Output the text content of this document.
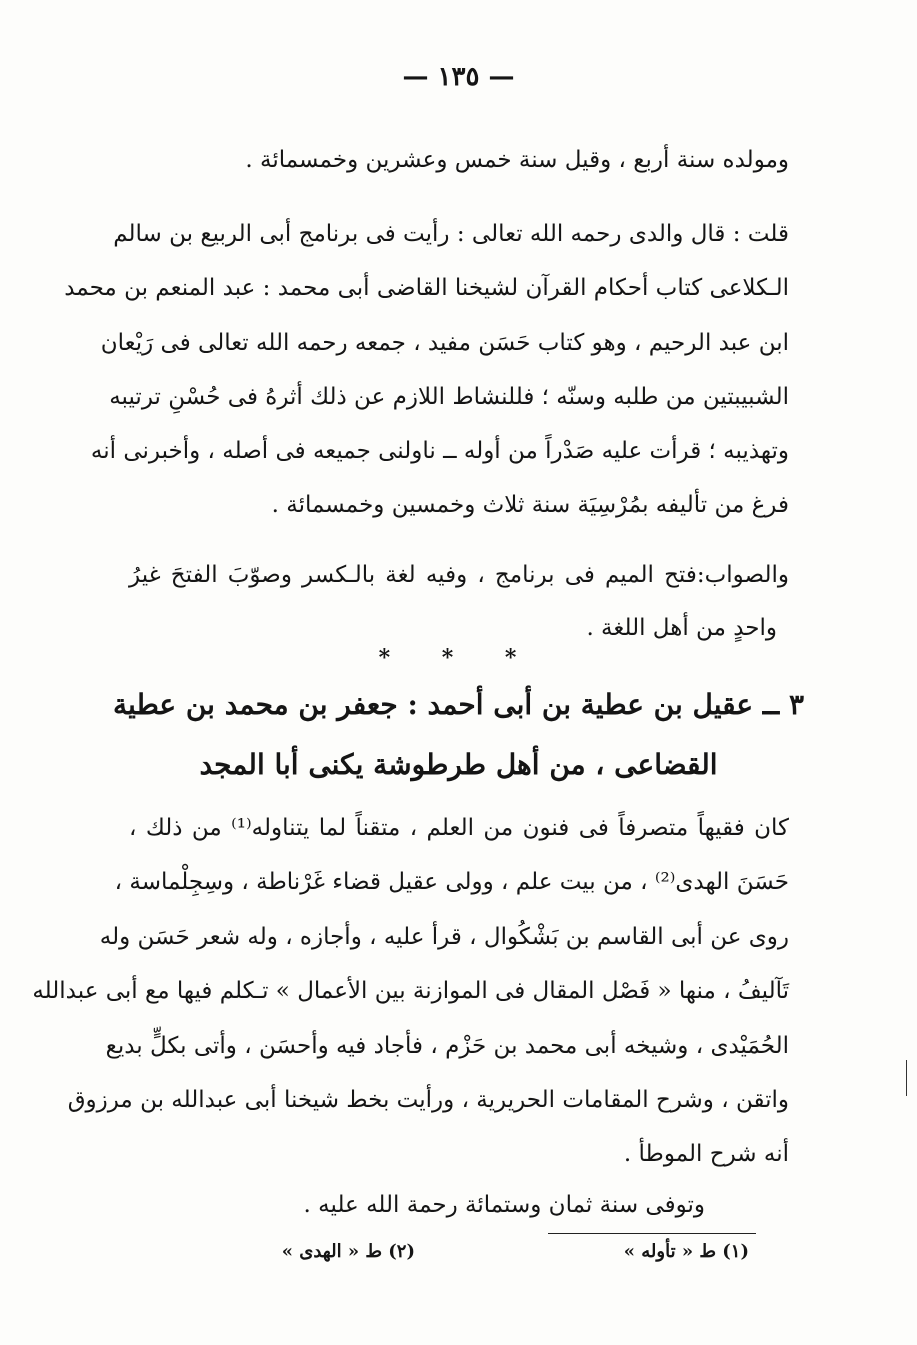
— ١٣٥ —
ومولده سنة أربع ، وقيل سنة خمس وعشرين وخمسمائة .
قلت : قال والدى رحمه الله تعالى : رأيت فى برنامج أبى الربيع بن سالم
الـكلاعى كتاب أحكام القرآن لشيخنا القاضى أبى محمد : عبد المنعم بن محمد
ابن عبد الرحيم ، وهو كتاب حَسَن مفيد ، جمعه رحمه الله تعالى فى رَيْعان
الشبيبتين من طلبه وسنّه ؛ فللنشاط اللازم عن ذلك أثرهُ فى حُسْنِ ترتيبه
وتهذيبه ؛ قرأت عليه صَدْراً من أوله ــ ناولنى جميعه فى أصله ، وأخبرنى أنه
فرغ من تأليفه بمُرْسِيَة سنة ثلاث وخمسين وخمسمائة .
والصواب:فتح الميم فى برنامج ، وفيه لغة بالـكسر وصوّبَ الفتحَ غيرُ
واحدٍ من أهل اللغة .
* * *
٣ ــ عقيل بن عطية بن أبى أحمد : جعفر بن محمد بن عطية
القضاعى ، من أهل طرطوشة يكنى أبا المجد
كان فقيهاً متصرفاً فى فنون من العلم ، متقناً لما يتناوله⁽¹⁾ من ذلك ،
حَسَنَ الهدى⁽²⁾ ، من بيت علم ، وولى عقيل قضاء غَرْناطة ، وسِجِلْماسة ،
روى عن أبى القاسم بن بَشْكُوال ، قرأ عليه ، وأجازه ، وله شعر حَسَن وله
تَآليفُ ، منها « فَصْل المقال فى الموازنة بين الأعمال » تـكلم فيها مع أبى عبدالله
الحُمَيْدى ، وشيخه أبى محمد بن حَزْم ، فأجاد فيه وأحسَن ، وأتى بكلٍّ بديع
واتقن ، وشرح المقامات الحريرية ، ورأيت بخط شيخنا أبى عبدالله بن مرزوق
أنه شرح الموطأ .
وتوفى سنة ثمان وستمائة رحمة الله عليه .
(١) ط « تأوله »
(٢) ط « الهدى »
